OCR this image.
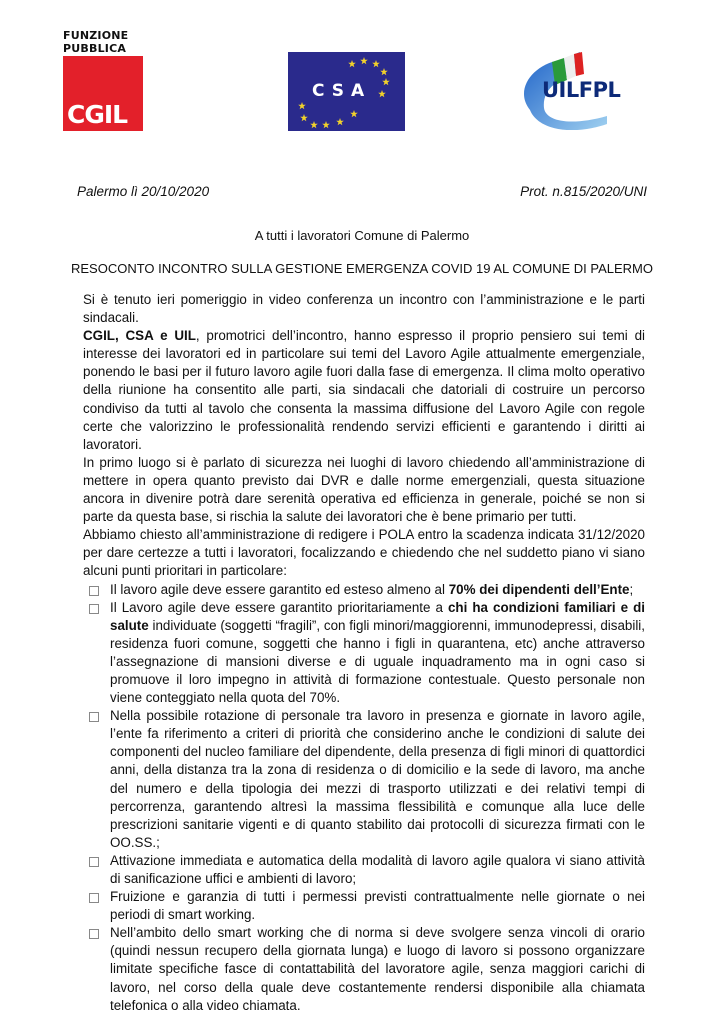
FUNZIONE
PUBBLICA
CGIL
CSA	UILFPL
Palermo lì 20/10/2020	Prot. n.815/2020/UNI
A tutti i lavoratori Comune di Palermo
RESOCONTO INCONTRO SULLA GESTIONE EMERGENZA COVID 19 AL COMUNE DI PALERMO

Si è tenuto ieri pomeriggio in video conferenza un incontro con l’amministrazione e le parti sindacali.

CGIL, CSA e UIL, promotrici dell’incontro, hanno espresso il proprio pensiero sui temi di interesse dei lavoratori ed in particolare sui temi del Lavoro Agile attualmente emergenziale, ponendo le basi per il futuro lavoro agile fuori dalla fase di emergenza. Il clima molto operativo della riunione ha consentito alle parti, sia sindacali che datoriali di costruire un percorso condiviso da tutti al tavolo che consenta la massima diffusione del Lavoro Agile con regole certe che valorizzino le professionalità rendendo servizi efficienti e garantendo i diritti ai lavoratori.

In primo luogo si è parlato di sicurezza nei luoghi di lavoro chiedendo all’amministrazione di mettere in opera quanto previsto dai DVR e dalle norme emergenziali, questa situazione ancora in divenire potrà dare serenità operativa ed efficienza in generale, poiché se non si parte da questa base, si rischia la salute dei lavoratori che è bene primario per tutti.

Abbiamo chiesto all’amministrazione di redigere i POLA entro la scadenza indicata 31/12/2020 per dare certezze a tutti i lavoratori, focalizzando e chiedendo che nel suddetto piano vi siano alcuni punti prioritari in particolare:

Il lavoro agile deve essere garantito ed esteso almeno al 70% dei dipendenti dell’Ente;
Il Lavoro agile deve essere garantito prioritariamente a chi ha condizioni familiari e di salute individuate (soggetti “fragili”, con figli minori/maggiorenni, immunodepressi, disabili, residenza fuori comune, soggetti che hanno i figli in quarantena, etc) anche attraverso l’assegnazione di mansioni diverse e di uguale inquadramento ma in ogni caso si promuove il loro impegno in attività di formazione contestuale. Questo personale non viene conteggiato nella quota del 70%.
Nella possibile rotazione di personale tra lavoro in presenza e giornate in lavoro agile, l’ente fa riferimento a criteri di priorità che considerino anche le condizioni di salute dei componenti del nucleo familiare del dipendente, della presenza di figli minori di quattordici anni, della distanza tra la zona di residenza o di domicilio e la sede di lavoro, ma anche del numero e della tipologia dei mezzi di trasporto utilizzati e dei relativi tempi di percorrenza, garantendo altresì la massima flessibilità e comunque alla luce delle prescrizioni sanitarie vigenti e di quanto stabilito dai protocolli di sicurezza firmati con le OO.SS.;
Attivazione immediata e automatica della modalità di lavoro agile qualora vi siano attività di sanificazione uffici e ambienti di lavoro;
Fruizione e garanzia di tutti i permessi previsti contrattualmente nelle giornate o nei periodi di smart working.
Nell’ambito dello smart working che di norma si deve svolgere senza vincoli di orario (quindi nessun recupero della giornata lunga) e luogo di lavoro si possono organizzare limitate specifiche fasce di contattabilità del lavoratore agile, senza maggiori carichi di lavoro, nel corso della quale deve costantemente rendersi disponibile alla chiamata telefonica o alla video chiamata.
